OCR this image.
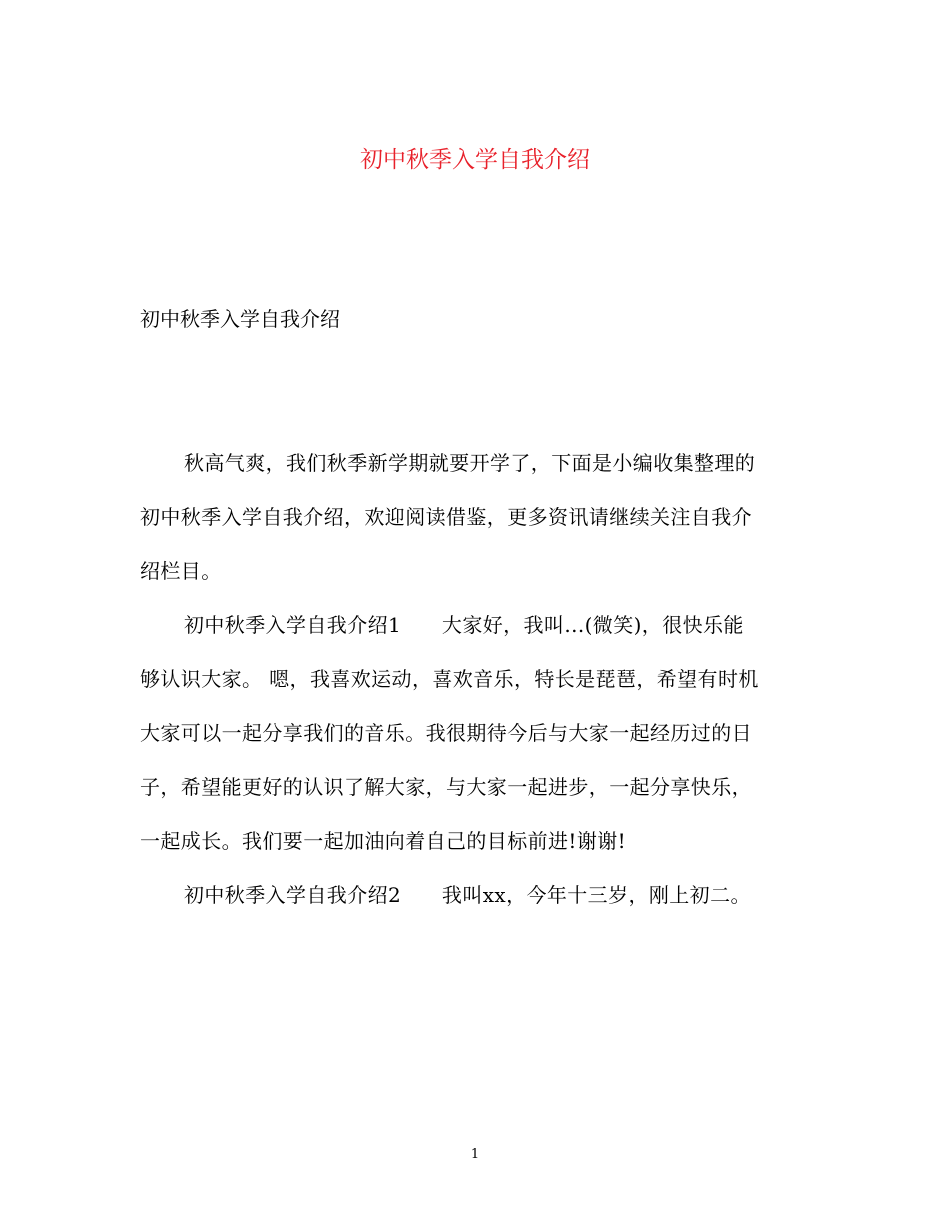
初中秋季入学自我介绍

初中秋季入学自我介绍

秋高气爽，我们秋季新学期就要开学了，下面是小编收集整理的
初中秋季入学自我介绍，欢迎阅读借鉴，更多资讯请继续关注自我介
绍栏目。
初中秋季入学自我介绍1　　大家好，我叫...(微笑)，很快乐能
够认识大家。 嗯，我喜欢运动，喜欢音乐，特长是琵琶，希望有时机
大家可以一起分享我们的音乐。我很期待今后与大家一起经历过的日
子，希望能更好的认识了解大家，与大家一起进步，一起分享快乐，
一起成长。我们要一起加油向着自己的目标前进!谢谢!
初中秋季入学自我介绍2　　我叫xx，今年十三岁，刚上初二。
1
